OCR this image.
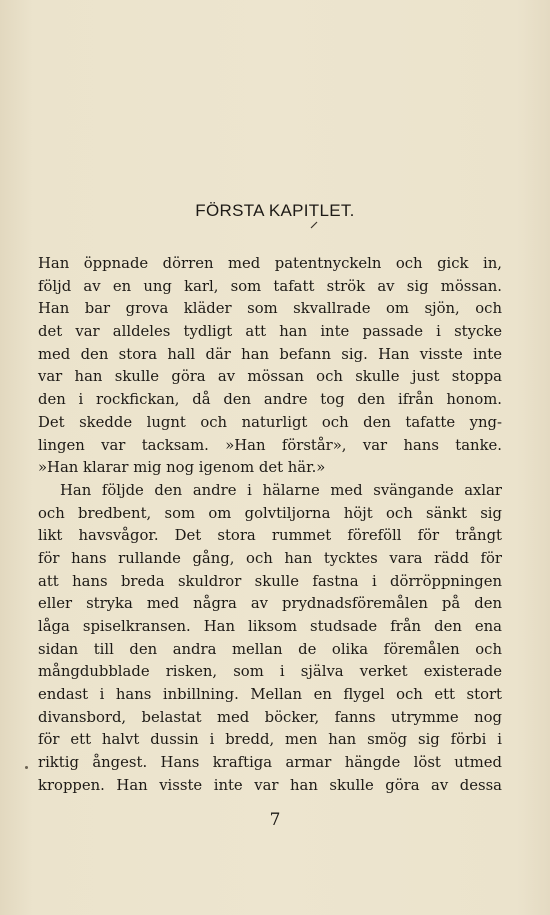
FÖRSTA KAPITLET.
Han öppnade dörren med patentnyckeln och gick in,
följd av en ung karl, som tafatt strök av sig mössan.
Han bar grova kläder som skvallrade om sjön, och
det var alldeles tydligt att han inte passade i stycke
med den stora hall där han befann sig. Han visste inte
var han skulle göra av mössan och skulle just stoppa
den i rockfickan, då den andre tog den ifrån honom.
Det skedde lugnt och naturligt och den tafatte yng-
lingen var tacksam. »Han förstår», var hans tanke.
»Han klarar mig nog igenom det här.»
Han följde den andre i hälarne med svängande axlar
och bredbent, som om golvtiljorna höjt och sänkt sig
likt havsvågor. Det stora rummet föreföll för trångt
för hans rullande gång, och han tycktes vara rädd för
att hans breda skuldror skulle fastna i dörröppningen
eller stryka med några av prydnadsföremålen på den
låga spiselkransen. Han liksom studsade från den ena
sidan till den andra mellan de olika föremålen och
mångdubblade risken, som i själva verket existerade
endast i hans inbillning. Mellan en flygel och ett stort
divansbord, belastat med böcker, fanns utrymme nog
för ett halvt dussin i bredd, men han smög sig förbi i
riktig ångest. Hans kraftiga armar hängde löst utmed
kroppen. Han visste inte var han skulle göra av dessa
7
